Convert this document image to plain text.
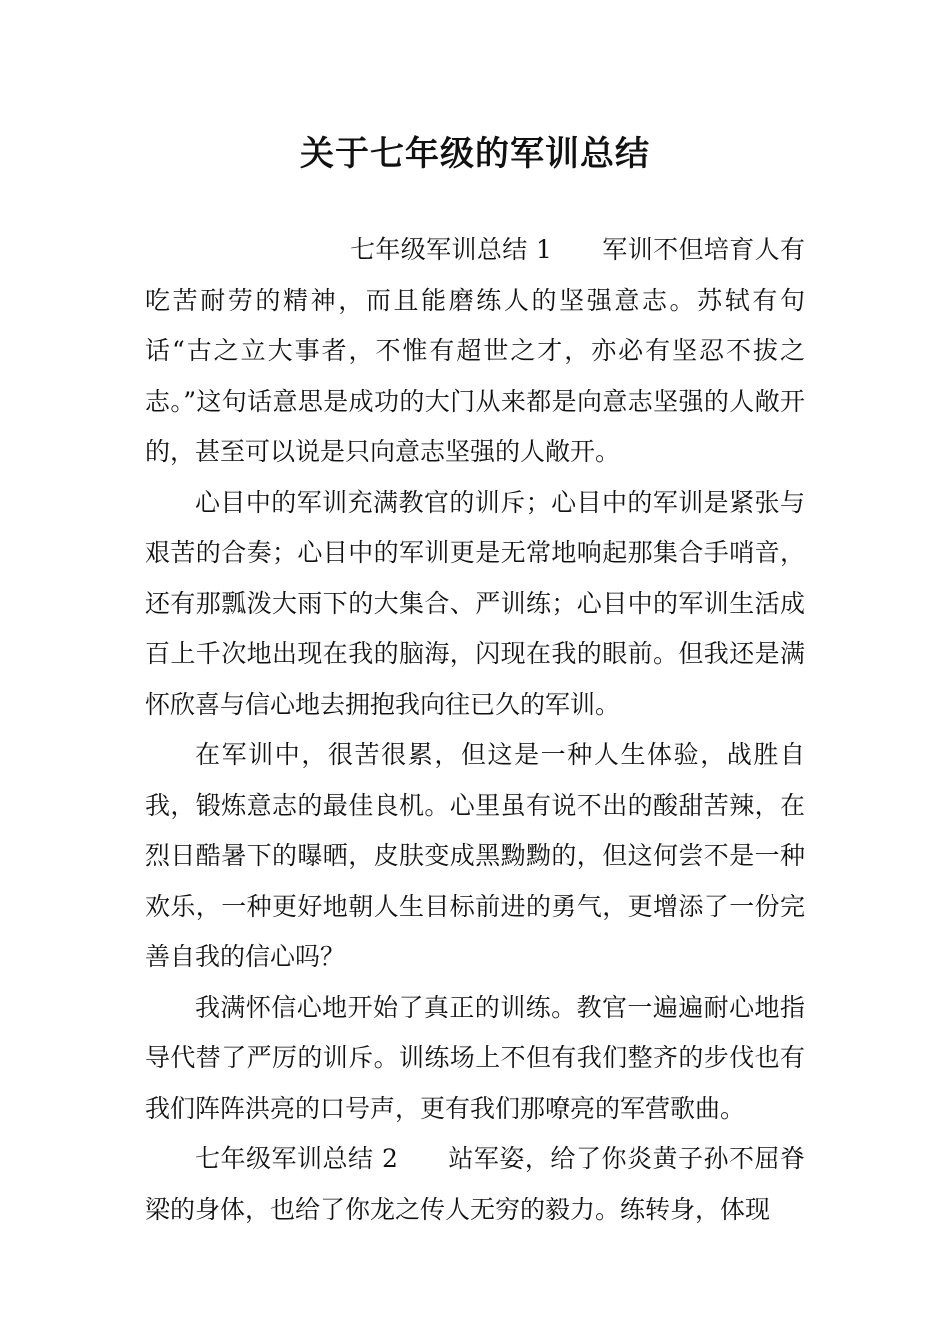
关于七年级的军训总结

七年级军训总结 1 军训不但培育人有吃苦耐劳的精神，而且能磨练人的坚强意志。苏轼有句话“古之立大事者，不惟有超世之才，亦必有坚忍不拔之志。”这句话意思是成功的大门从来都是向意志坚强的人敞开的，甚至可以说是只向意志坚强的人敞开。

心目中的军训充满教官的训斥；心目中的军训是紧张与艰苦的合奏；心目中的军训更是无常地响起那集合手哨音，还有那瓢泼大雨下的大集合、严训练；心目中的军训生活成百上千次地出现在我的脑海，闪现在我的眼前。但我还是满怀欣喜与信心地去拥抱我向往已久的军训。

在军训中，很苦很累，但这是一种人生体验，战胜自我，锻炼意志的最佳良机。心里虽有说不出的酸甜苦辣，在烈日酷暑下的曝晒，皮肤变成黑黝黝的，但这何尝不是一种欢乐，一种更好地朝人生目标前进的勇气，更增添了一份完善自我的信心吗？

我满怀信心地开始了真正的训练。教官一遍遍耐心地指导代替了严厉的训斥。训练场上不但有我们整齐的步伐也有我们阵阵洪亮的口号声，更有我们那嘹亮的军营歌曲。

七年级军训总结 2 站军姿，给了你炎黄子孙不屈脊梁的身体，也给了你龙之传人无穷的毅力。练转身，体现
